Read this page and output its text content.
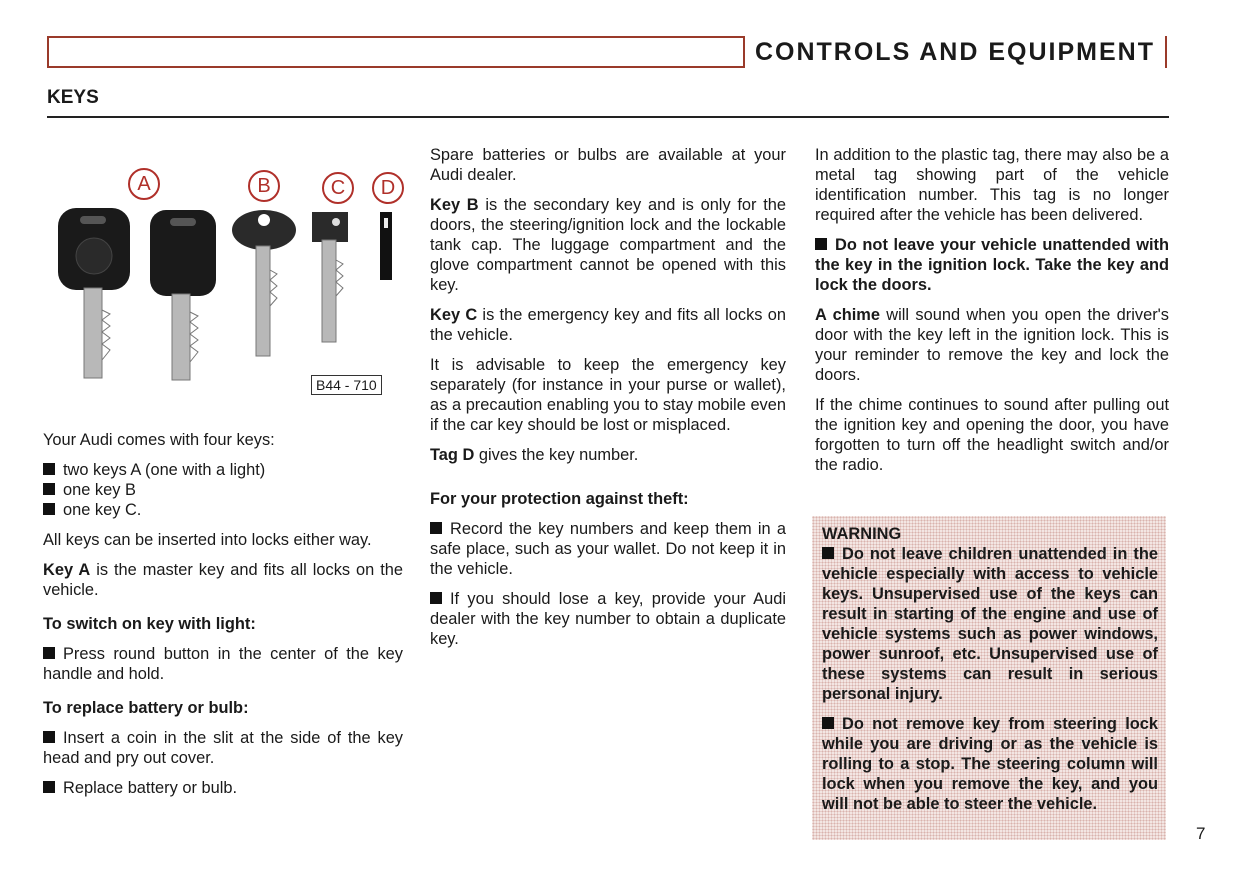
CONTROLS AND EQUIPMENT
KEYS
A	B	C	D
B44 - 710

Your Audi comes with four keys:

two keys A (one with a light)
one key B
one key C.

All keys can be inserted into locks either way.

Key A is the master key and fits all locks on the vehicle.

To switch on key with light:

Press round button in the center of the key handle and hold.

To replace battery or bulb:

Insert a coin in the slit at the side of the key head and pry out cover.

Replace battery or bulb.

Spare batteries or bulbs are available at your Audi dealer.

Key B is the secondary key and is only for the doors, the steering/ignition lock and the lockable tank cap. The luggage compartment and the glove compartment cannot be opened with this key.

Key C is the emergency key and fits all locks on the vehicle.

It is advisable to keep the emergency key separately (for instance in your purse or wallet), as a precaution enabling you to stay mobile even if the car key should be lost or misplaced.

Tag D gives the key number.

For your protection against theft:

Record the key numbers and keep them in a safe place, such as your wallet. Do not keep it in the vehicle.

If you should lose a key, provide your Audi dealer with the key number to obtain a duplicate key.

In addition to the plastic tag, there may also be a metal tag showing part of the vehicle identification number. This tag is no longer required after the vehicle has been delivered.

Do not leave your vehicle unattended with the key in the ignition lock. Take the key and lock the doors.

A chime will sound when you open the driver's door with the key left in the ignition lock. This is your reminder to remove the key and lock the doors.

If the chime continues to sound after pulling out the ignition key and opening the door, you have forgotten to turn off the headlight switch and/or the radio.

WARNING

Do not leave children unattended in the vehicle especially with access to vehicle keys. Unsupervised use of the keys can result in starting of the engine and use of vehicle systems such as power windows, power sunroof, etc. Unsupervised use of these systems can result in serious personal injury.

Do not remove key from steering lock while you are driving or as the vehicle is rolling to a stop. The steering column will lock when you remove the key, and you will not be able to steer the vehicle.

7
